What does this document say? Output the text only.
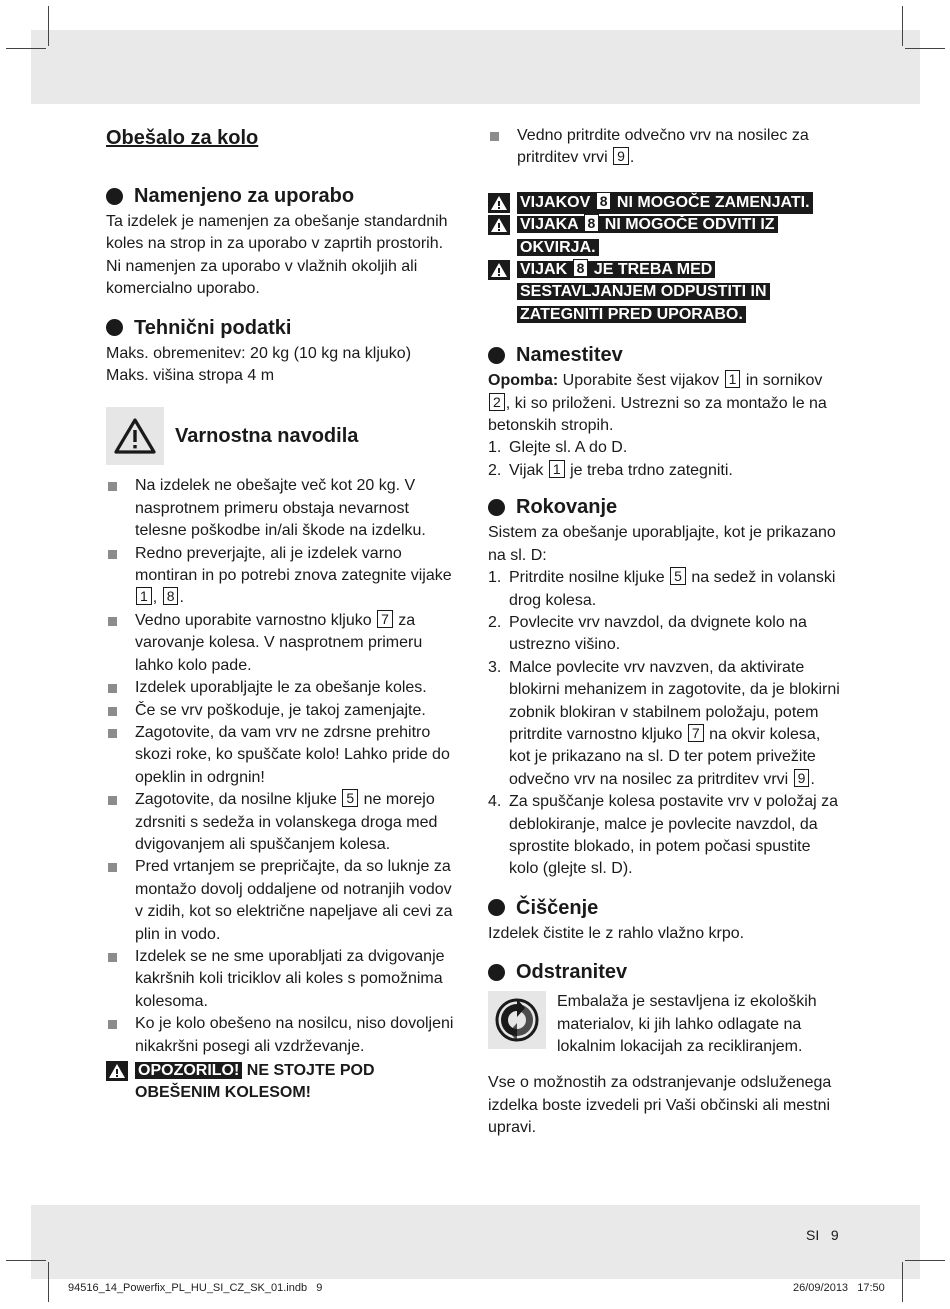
Obešalo za kolo
Namenjeno za uporabo

Ta izdelek je namenjen za obešanje standardnih koles na strop in za uporabo v zaprtih prostorih. Ni namenjen za uporabo v vlažnih okoljih ali komercialno uporabo.

Tehnični podatki

Maks. obremenitev: 20 kg (10 kg na kljuko)

Maks. višina stropa 4 m

Varnostna navodila
Na izdelek ne obešajte več kot 20 kg. V nasprotnem primeru obstaja nevarnost telesne poškodbe in/ali škode na izdelku.
Redno preverjajte, ali je izdelek varno montiran in po potrebi znova zategnite vijake 1 , 8 .
Vedno uporabite varnostno kljuko 7 za varovanje kolesa. V nasprotnem primeru lahko kolo pade.
Izdelek uporabljajte le za obešanje koles.
Če se vrv poškoduje, je takoj zamenjajte.
Zagotovite, da vam vrv ne zdrsne prehitro skozi roke, ko spuščate kolo! Lahko pride do opeklin in odrgnin!
Zagotovite, da nosilne kljuke 5 ne morejo zdrsniti s sedeža in volanskega droga med dvigovanjem ali spuščanjem kolesa.
Pred vrtanjem se prepričajte, da so luknje za montažo dovolj oddaljene od notranjih vodov v zidih, kot so električne napeljave ali cevi za plin in vodo.
Izdelek se ne sme uporabljati za dvigovanje kakršnih koli triciklov ali koles s pomožnima kolesoma.
Ko je kolo obešeno na nosilcu, niso dovoljeni nikakršni posegi ali vzdrževanje.
OPOZORILO! NE STOJTE POD OBEŠENIM KOLESOM!
Vedno pritrdite odvečno vrv na nosilec za pritrditev vrvi 9 .
VIJAKOV 8 NI MOGOČE ZAMENJATI.
VIJAKA 8 NI MOGOČE ODVITI IZ OKVIRJA.
VIJAK 8 JE TREBA MED SESTAVLJANJEM ODPUSTITI IN ZATEGNITI PRED UPORABO.
Namestitev

Opomba: Uporabite šest vijakov 1 in sornikov 2 , ki so priloženi. Ustrezni so za montažo le na betonskih stropih.

1. Glejte sl. A do D.
2. Vijak 1 je treba trdno zategniti.
Rokovanje

Sistem za obešanje uporabljajte, kot je prikazano na sl. D:

1. Pritrdite nosilne kljuke 5 na sedež in volanski drog kolesa.
2. Povlecite vrv navzdol, da dvignete kolo na ustrezno višino.
3. Malce povlecite vrv navzven, da aktivirate blokirni mehanizem in zagotovite, da je blokirni zobnik blokiran v stabilnem položaju, potem pritrdite varnostno kljuko 7 na okvir kolesa, kot je prikazano na sl. D ter potem privežite odvečno vrv na nosilec za pritrditev vrvi 9 .
4. Za spuščanje kolesa postavite vrv v položaj za deblokiranje, malce je povlecite navzdol, da sprostite blokado, in potem počasi spustite kolo (glejte sl. D).
Čiščenje

Izdelek čistite le z rahlo vlažno krpo.

Odstranitev

Embalaža je sestavljena iz ekoloških materialov, ki jih lahko odlagate na lokalnim lokacijah za recikliranjem.

Vse o možnostih za odstranjevanje odsluženega izdelka boste izvedeli pri Vaši občinski ali mestni upravi.

SI   9
94516_14_Powerfix_PL_HU_SI_CZ_SK_01.indb   9	26/09/2013   17:50
